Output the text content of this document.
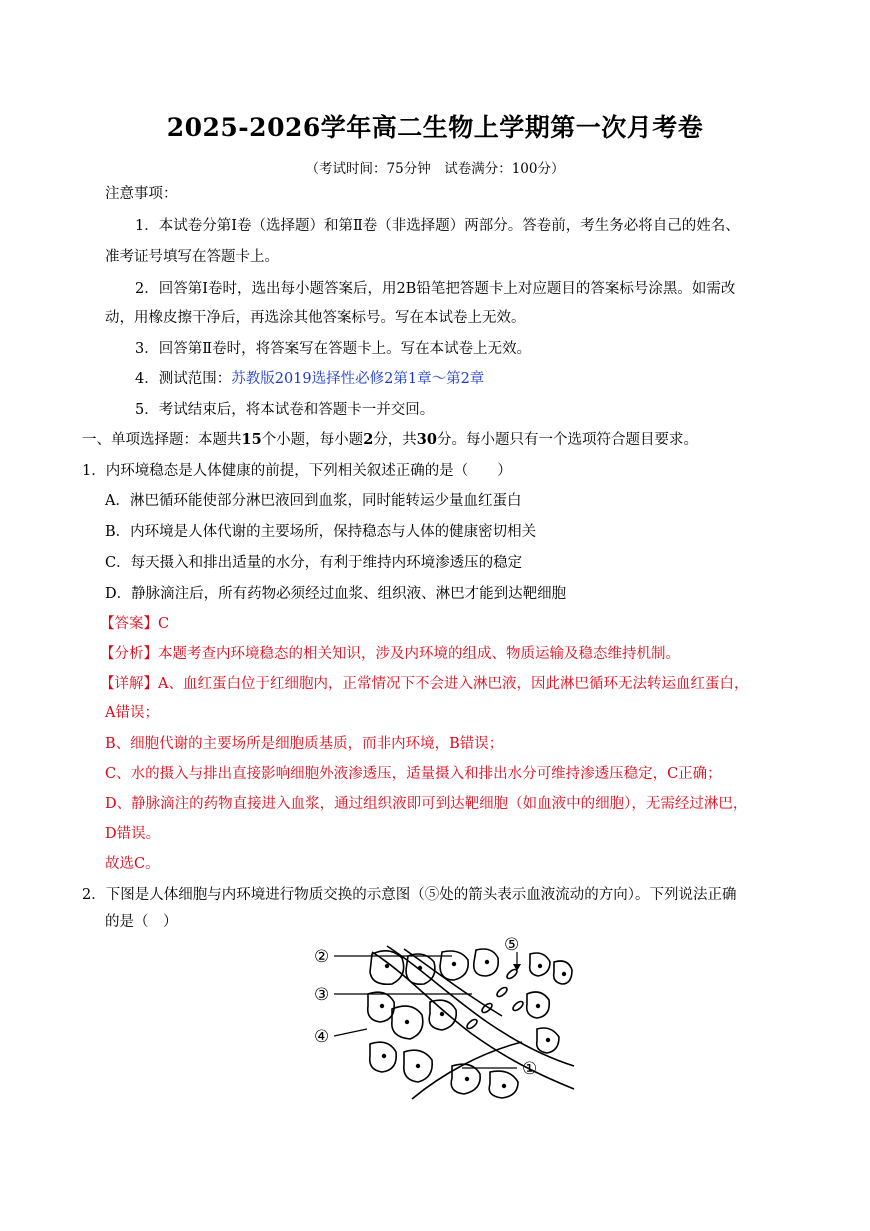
2025-2026学年高二生物上学期第一次月考卷
（考试时间：75分钟　试卷满分：100分）
注意事项：
1．本试卷分第Ⅰ卷（选择题）和第Ⅱ卷（非选择题）两部分。答卷前，考生务必将自己的姓名、
准考证号填写在答题卡上。
2．回答第Ⅰ卷时，选出每小题答案后，用2B铅笔把答题卡上对应题目的答案标号涂黑。如需改
动，用橡皮擦干净后，再选涂其他答案标号。写在本试卷上无效。
3．回答第Ⅱ卷时，将答案写在答题卡上。写在本试卷上无效。
4．测试范围：苏教版2019选择性必修2第1章～第2章
5．考试结束后，将本试卷和答题卡一并交回。
一、单项选择题：本题共15个小题，每小题2分，共30分。每小题只有一个选项符合题目要求。
1．内环境稳态是人体健康的前提，下列相关叙述正确的是（　　）
A．淋巴循环能使部分淋巴液回到血浆，同时能转运少量血红蛋白
B．内环境是人体代谢的主要场所，保持稳态与人体的健康密切相关
C．每天摄入和排出适量的水分，有利于维持内环境渗透压的稳定
D．静脉滴注后，所有药物必须经过血浆、组织液、淋巴才能到达靶细胞
【答案】C
【分析】本题考查内环境稳态的相关知识，涉及内环境的组成、物质运输及稳态维持机制。
【详解】A、血红蛋白位于红细胞内，正常情况下不会进入淋巴液，因此淋巴循环无法转运血红蛋白，
A错误；
B、细胞代谢的主要场所是细胞质基质，而非内环境，B错误；
C、水的摄入与排出直接影响细胞外液渗透压，适量摄入和排出水分可维持渗透压稳定，C正确；
D、静脉滴注的药物直接进入血浆，通过组织液即可到达靶细胞（如血液中的细胞），无需经过淋巴，
D错误。
故选C。
2．下图是人体细胞与内环境进行物质交换的示意图（⑤处的箭头表示血液流动的方向）。下列说法正确
的是（　）
②
③
④
⑤
①
